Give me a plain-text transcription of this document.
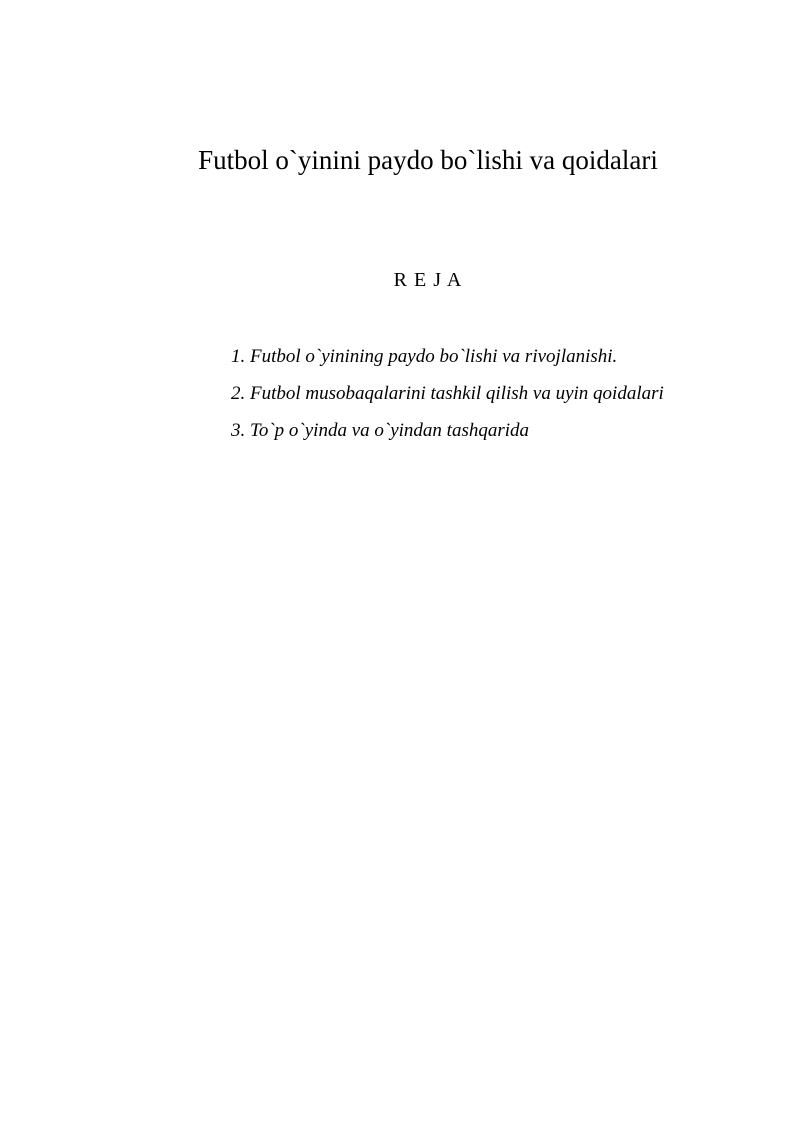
Futbol o`yinini paydo bo`lishi va qoidalari
R E J A
1. Futbol o`yinining paydo bo`lishi va rivojlanishi.
2. Futbol musobaqalarini tashkil qilish va uyin qoidalari
3. To`p o`yinda va o`yindan tashqarida
